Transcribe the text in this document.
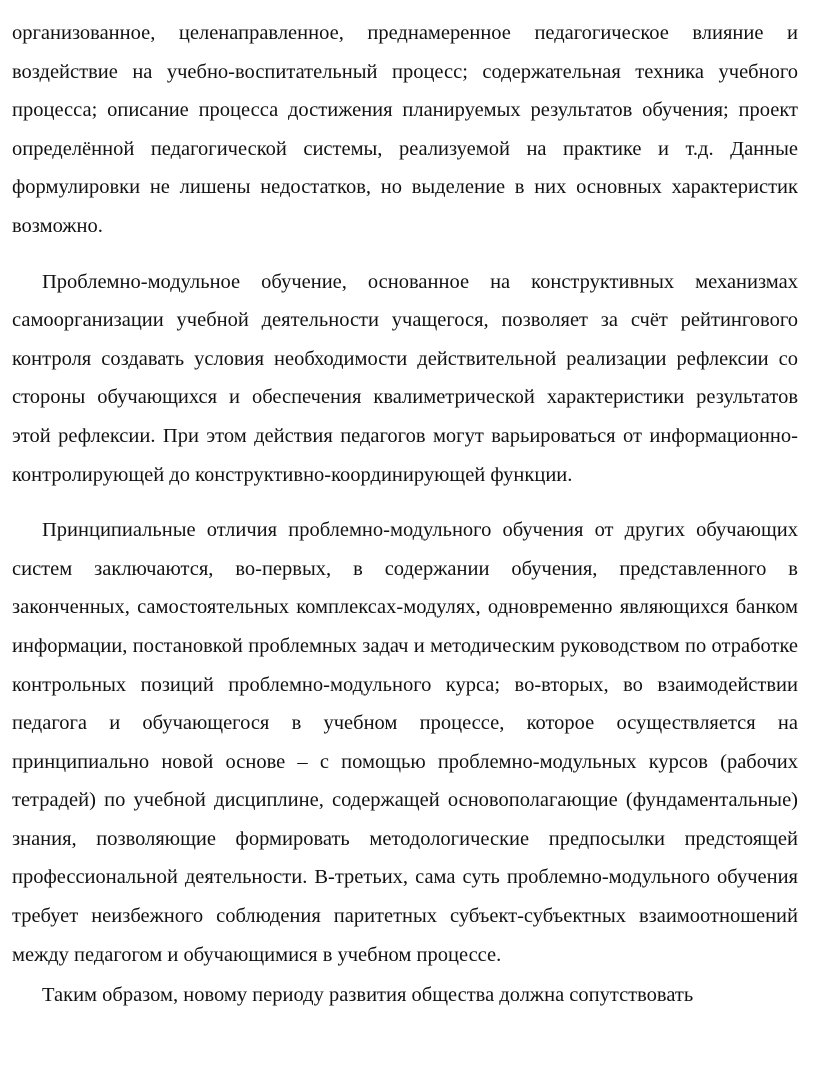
организованное, целенаправленное, преднамеренное педагогическое влияние и воздействие на учебно-воспитательный процесс; содержательная техника учебного процесса; описание процесса достижения планируемых результатов обучения; проект определённой педагогической системы, реализуемой на практике и т.д. Данные формулировки не лишены недостатков, но выделение в них основных характеристик возможно.

Проблемно-модульное обучение, основанное на конструктивных механизмах самоорганизации учебной деятельности учащегося, позволяет за счёт рейтингового контроля создавать условия необходимости действительной реализации рефлексии со стороны обучающихся и обеспечения квалиметрической характеристики результатов этой рефлексии. При этом действия педагогов могут варьироваться от информационно- контролирующей до конструктивно-координирующей функции.

Принципиальные отличия проблемно-модульного обучения от других обучающих систем заключаются, во-первых, в содержании обучения, представленного в законченных, самостоятельных комплексах-модулях, одновременно являющихся банком информации, постановкой проблемных задач и методическим руководством по отработке контрольных позиций проблемно-модульного курса; во-вторых, во взаимодействии педагога и обучающегося в учебном процессе, которое осуществляется на принципиально новой основе – с помощью проблемно-модульных курсов (рабочих тетрадей) по учебной дисциплине, содержащей основополагающие (фундаментальные) знания, позволяющие формировать методологические предпосылки предстоящей профессиональной деятельности. В-третьих, сама суть проблемно-модульного обучения требует неизбежного соблюдения паритетных субъект-субъектных взаимоотношений между педагогом и обучающимися в учебном процессе.

Таким образом, новому периоду развития общества должна сопутствовать
